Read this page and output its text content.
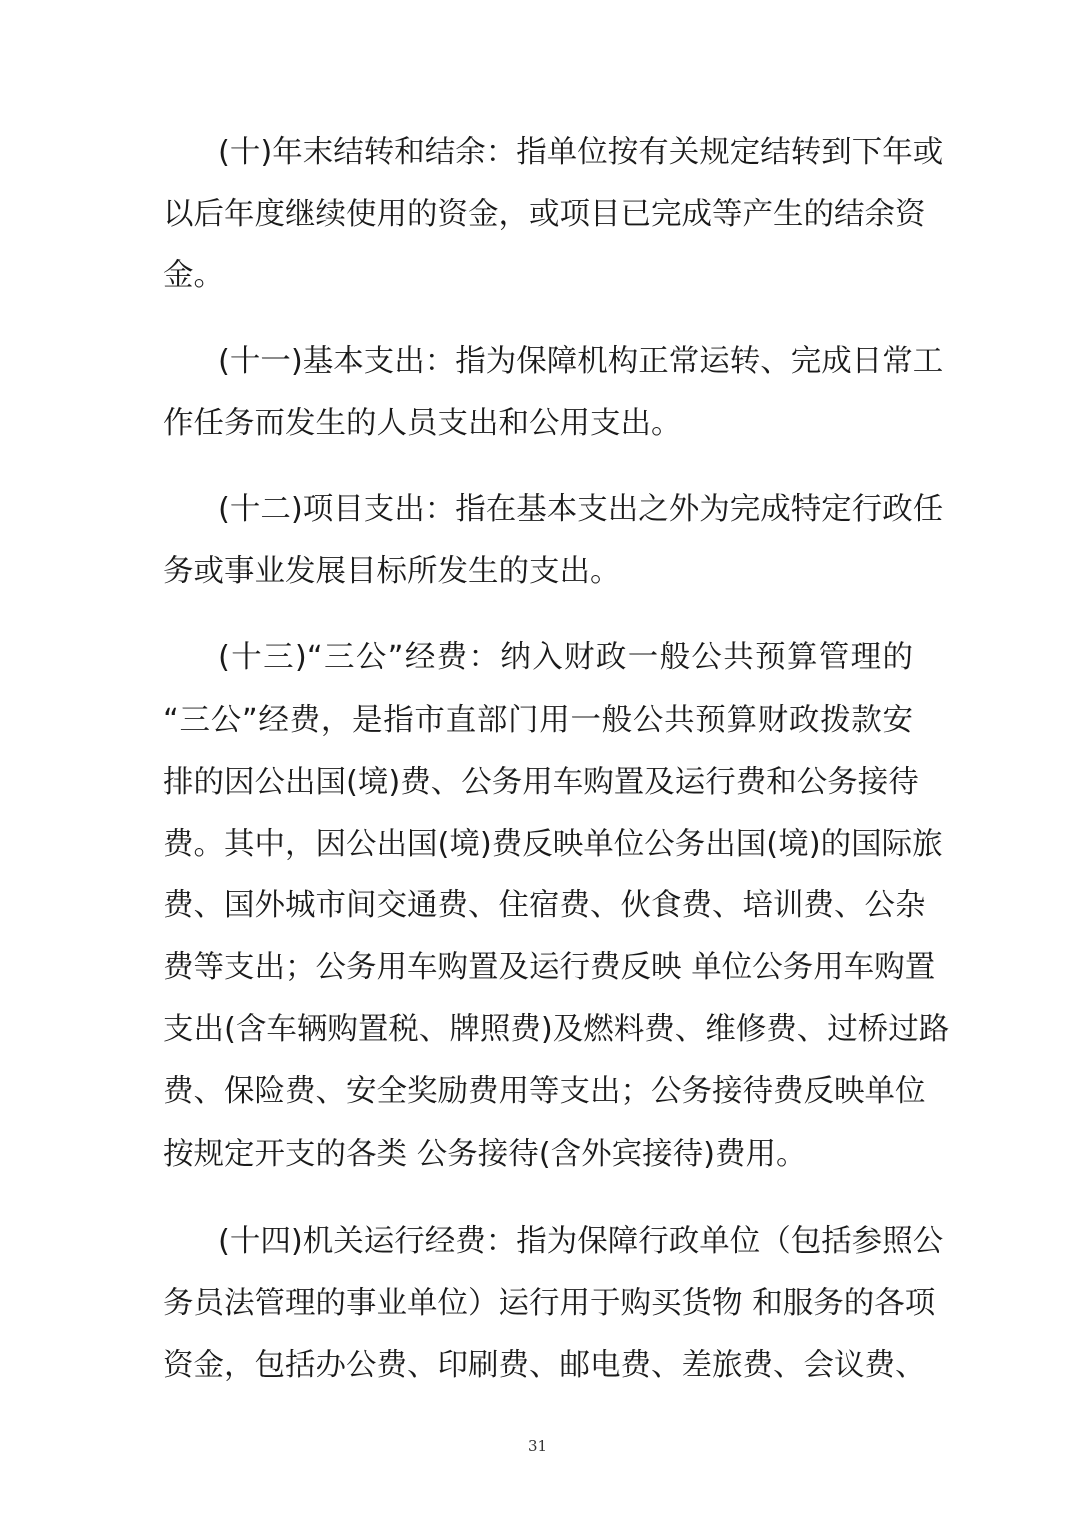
(十)年末结转和结余：指单位按有关规定结转到下年或
以后年度继续使用的资金，或项目已完成等产生的结余资
金。
(十一)基本支出：指为保障机构正常运转、完成日常工
作任务而发生的人员支出和公用支出。
(十二)项目支出：指在基本支出之外为完成特定行政任
务或事业发展目标所发生的支出。
(十三)“三公”经费：纳入财政一般公共预算管理的
“三公”经费，是指市直部门用一般公共预算财政拨款安
排的因公出国(境)费、公务用车购置及运行费和公务接待
费。其中，因公出国(境)费反映单位公务出国(境)的国际旅
费、国外城市间交通费、住宿费、伙食费、培训费、公杂
费等支出；公务用车购置及运行费反映 单位公务用车购置
支出(含车辆购置税、牌照费)及燃料费、维修费、过桥过路
费、保险费、安全奖励费用等支出；公务接待费反映单位
按规定开支的各类 公务接待(含外宾接待)费用。
(十四)机关运行经费：指为保障行政单位（包括参照公
务员法管理的事业单位）运行用于购买货物 和服务的各项
资金，包括办公费、印刷费、邮电费、差旅费、会议费、
31
